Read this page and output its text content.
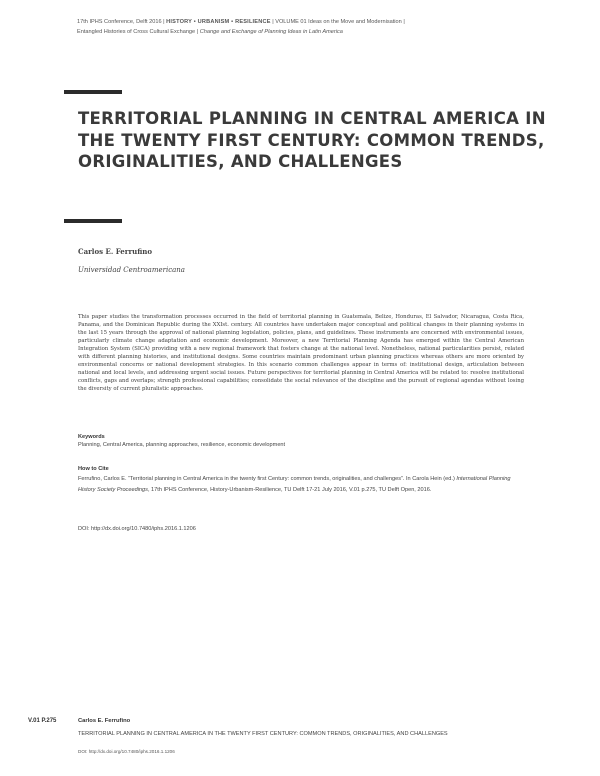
17th IPHS Conference, Delft 2016 | HISTORY • URBANISM • RESILIENCE | VOLUME 01 Ideas on the Move and Modernisation |
Entangled Histories of Cross Cultural Exchange | Change and Exchange of Planning Ideas in Latin America
TERRITORIAL PLANNING IN CENTRAL AMERICA IN THE TWENTY FIRST CENTURY: COMMON TRENDS, ORIGINALITIES, AND CHALLENGES
Carlos E. Ferrufino
Universidad Centroamericana

This paper studies the transformation processes occurred in the field of territorial planning in Guatemala, Belize, Honduras, El Salvador, Nicaragua, Costa Rica, Panama, and the Dominican Republic during the XXIst. century. All countries have undertaken major conceptual and political changes in their planning systems in the last 15 years through the approval of national planning legislation, policies, plans, and guidelines. These instruments are concerned with environmental issues, particularly climate change adaptation and economic development. Moreover, a new Territorial Planning Agenda has emerged within the Central American Integration System (SICA) providing with a new regional framework that fosters change at the national level. Nonetheless, national particularities persist, related with different planning histories, and institutional designs. Some countries maintain predominant urban planning practices whereas others are more oriented by environmental concerns or national development strategies. In this scenario common challenges appear in terms of: institutional design, articulation between national and local levels, and addressing urgent social issues. Future perspectives for territorial planning in Central America will be related to: resolve institutional conflicts, gaps and overlaps; strength professional capabilities; consolidate the social relevance of the discipline and the pursuit of regional agendas without losing the diversity of current pluralistic approaches.

Keywords
Planning, Central America, planning approaches, resilience, economic development
How to Cite

Ferrufino, Carlos E. “Territorial planning in Central America in the twenty first Century: common trends, originalities, and challenges”. In Carola Hein (ed.) International Planning History Society Proceedings, 17th IPHS Conference, History-Urbanism-Resilience, TU Delft 17-21 July 2016, V.01 p.275, TU Delft Open, 2016.

DOI: http://dx.doi.org/10.7480/iphs.2016.1.1206
V.01 P.275	Carlos E. Ferrufino
TERRITORIAL PLANNING IN CENTRAL AMERICA IN THE TWENTY FIRST CENTURY: COMMON TRENDS, ORIGINALITIES, AND CHALLENGES
DOI: http://dx.doi.org/10.7480/iphs.2016.1.1206
